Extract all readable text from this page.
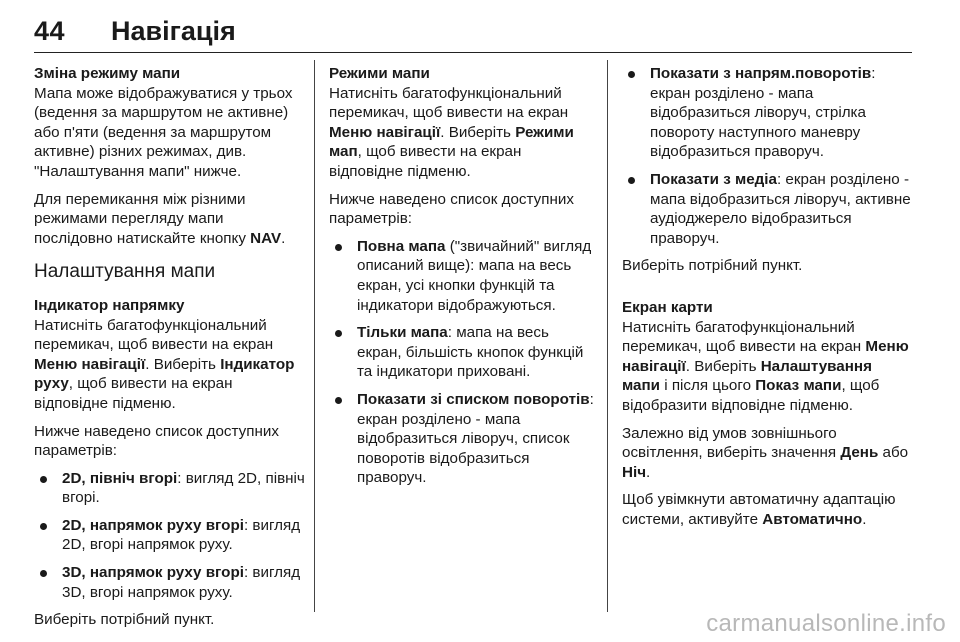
44 Навігація
Зміна режиму мапи

Мапа може відображуватися у трьох (ведення за маршрутом не активне) або п'яти (ведення за маршрутом активне) різних режимах, див. "Налаштування мапи" нижче.

Для перемикання між різними режимами перегляду мапи послідовно натискайте кнопку NAV.

Налаштування мапи
Індикатор напрямку

Натисніть багатофункціональний перемикач, щоб вивести на екран Меню навігації. Виберіть Індикатор руху, щоб вивести на екран відповідне підменю.

Нижче наведено список доступних параметрів:

2D, північ вгорі: вигляд 2D, північ вгорі.
2D, напрямок руху вгорі: вигляд 2D, вгорі напрямок руху.
3D, напрямок руху вгорі: вигляд 3D, вгорі напрямок руху.

Виберіть потрібний пункт.

Режими мапи

Натисніть багатофункціональний перемикач, щоб вивести на екран Меню навігації. Виберіть Режими мап, щоб вивести на екран відповідне підменю.

Нижче наведено список доступних параметрів:

Повна мапа ("звичайний" вигляд описаний вище): мапа на весь екран, усі кнопки функцій та індикатори відображуються.
Тільки мапа: мапа на весь екран, більшість кнопок функцій та індикатори приховані.
Показати зі списком поворотів: екран розділено - мапа відобразиться ліворуч, список поворотів відобразиться праворуч.
Показати з напрям.поворотів: екран розділено - мапа відобразиться ліворуч, стрілка повороту наступного маневру відобразиться праворуч.
Показати з медіа: екран розділено - мапа відобразиться ліворуч, активне аудіоджерело відобразиться праворуч.

Виберіть потрібний пункт.

Екран карти

Натисніть багатофункціональний перемикач, щоб вивести на екран Меню навігації. Виберіть Налаштування мапи і після цього Показ мапи, щоб відобразити відповідне підменю.

Залежно від умов зовнішнього освітлення, виберіть значення День або Ніч.

Щоб увімкнути автоматичну адаптацію системи, активуйте Автоматично.

carmanualsonline.info
